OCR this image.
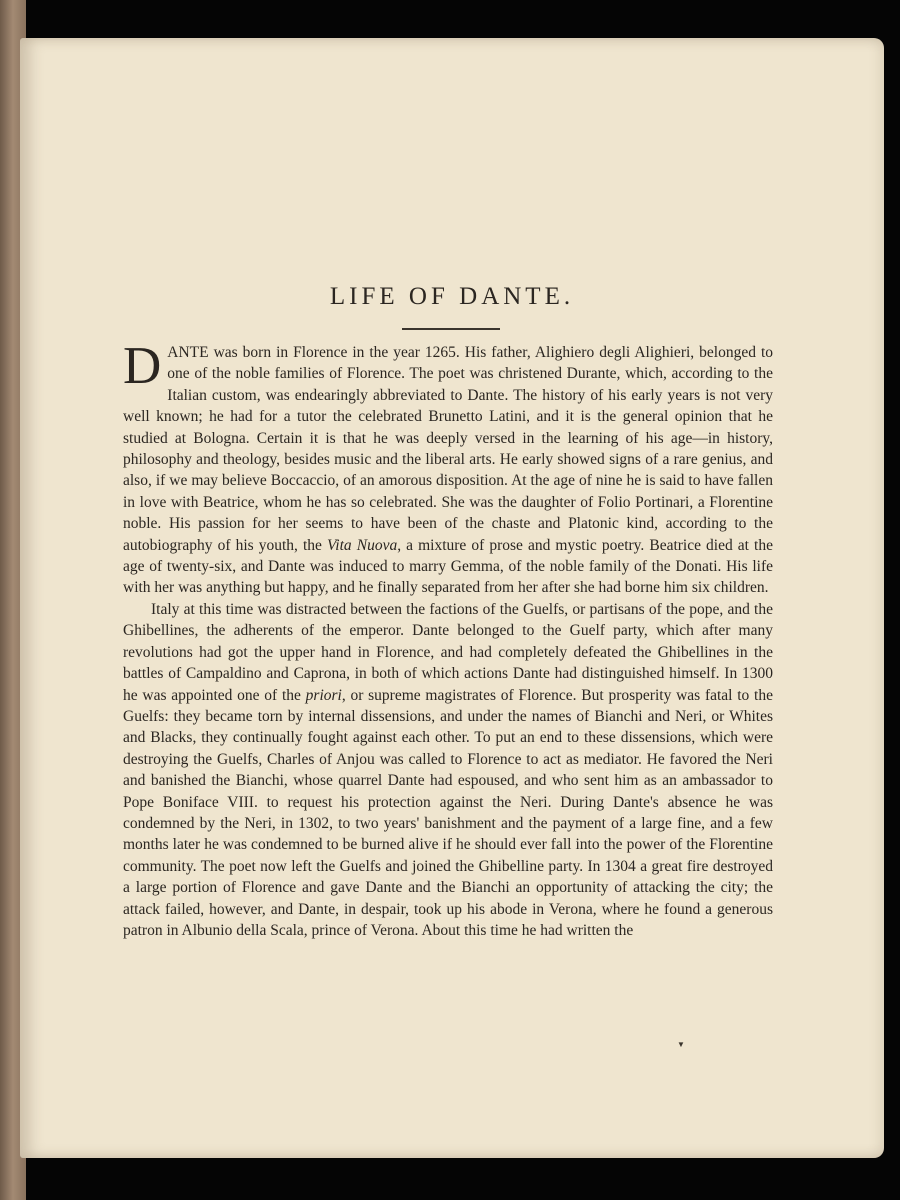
LIFE OF DANTE.

DANTE was born in Florence in the year 1265. His father, Alighiero degli Alighieri, belonged to one of the noble families of Florence. The poet was christened Durante, which, according to the Italian custom, was endearingly abbreviated to Dante. The history of his early years is not very well known; he had for a tutor the celebrated Brunetto Latini, and it is the general opinion that he studied at Bologna. Certain it is that he was deeply versed in the learning of his age—in history, philosophy and theology, besides music and the liberal arts. He early showed signs of a rare genius, and also, if we may believe Boccaccio, of an amorous disposition. At the age of nine he is said to have fallen in love with Beatrice, whom he has so celebrated. She was the daughter of Folio Portinari, a Florentine noble. His passion for her seems to have been of the chaste and Platonic kind, according to the autobiography of his youth, the Vita Nuova, a mixture of prose and mystic poetry. Beatrice died at the age of twenty-six, and Dante was induced to marry Gemma, of the noble family of the Donati. His life with her was anything but happy, and he finally separated from her after she had borne him six children.

Italy at this time was distracted between the factions of the Guelfs, or partisans of the pope, and the Ghibellines, the adherents of the emperor. Dante belonged to the Guelf party, which after many revolutions had got the upper hand in Florence, and had completely defeated the Ghibellines in the battles of Campaldino and Caprona, in both of which actions Dante had distinguished himself. In 1300 he was appointed one of the priori, or supreme magistrates of Florence. But prosperity was fatal to the Guelfs: they became torn by internal dissensions, and under the names of Bianchi and Neri, or Whites and Blacks, they continually fought against each other. To put an end to these dissensions, which were destroying the Guelfs, Charles of Anjou was called to Florence to act as mediator. He favored the Neri and banished the Bianchi, whose quarrel Dante had espoused, and who sent him as an ambassador to Pope Boniface VIII. to request his protection against the Neri. During Dante's absence he was condemned by the Neri, in 1302, to two years' banishment and the payment of a large fine, and a few months later he was condemned to be burned alive if he should ever fall into the power of the Florentine community. The poet now left the Guelfs and joined the Ghibelline party. In 1304 a great fire destroyed a large portion of Florence and gave Dante and the Bianchi an opportunity of attacking the city; the attack failed, however, and Dante, in despair, took up his abode in Verona, where he found a generous patron in Albunio della Scala, prince of Verona. About this time he had written the

▼
